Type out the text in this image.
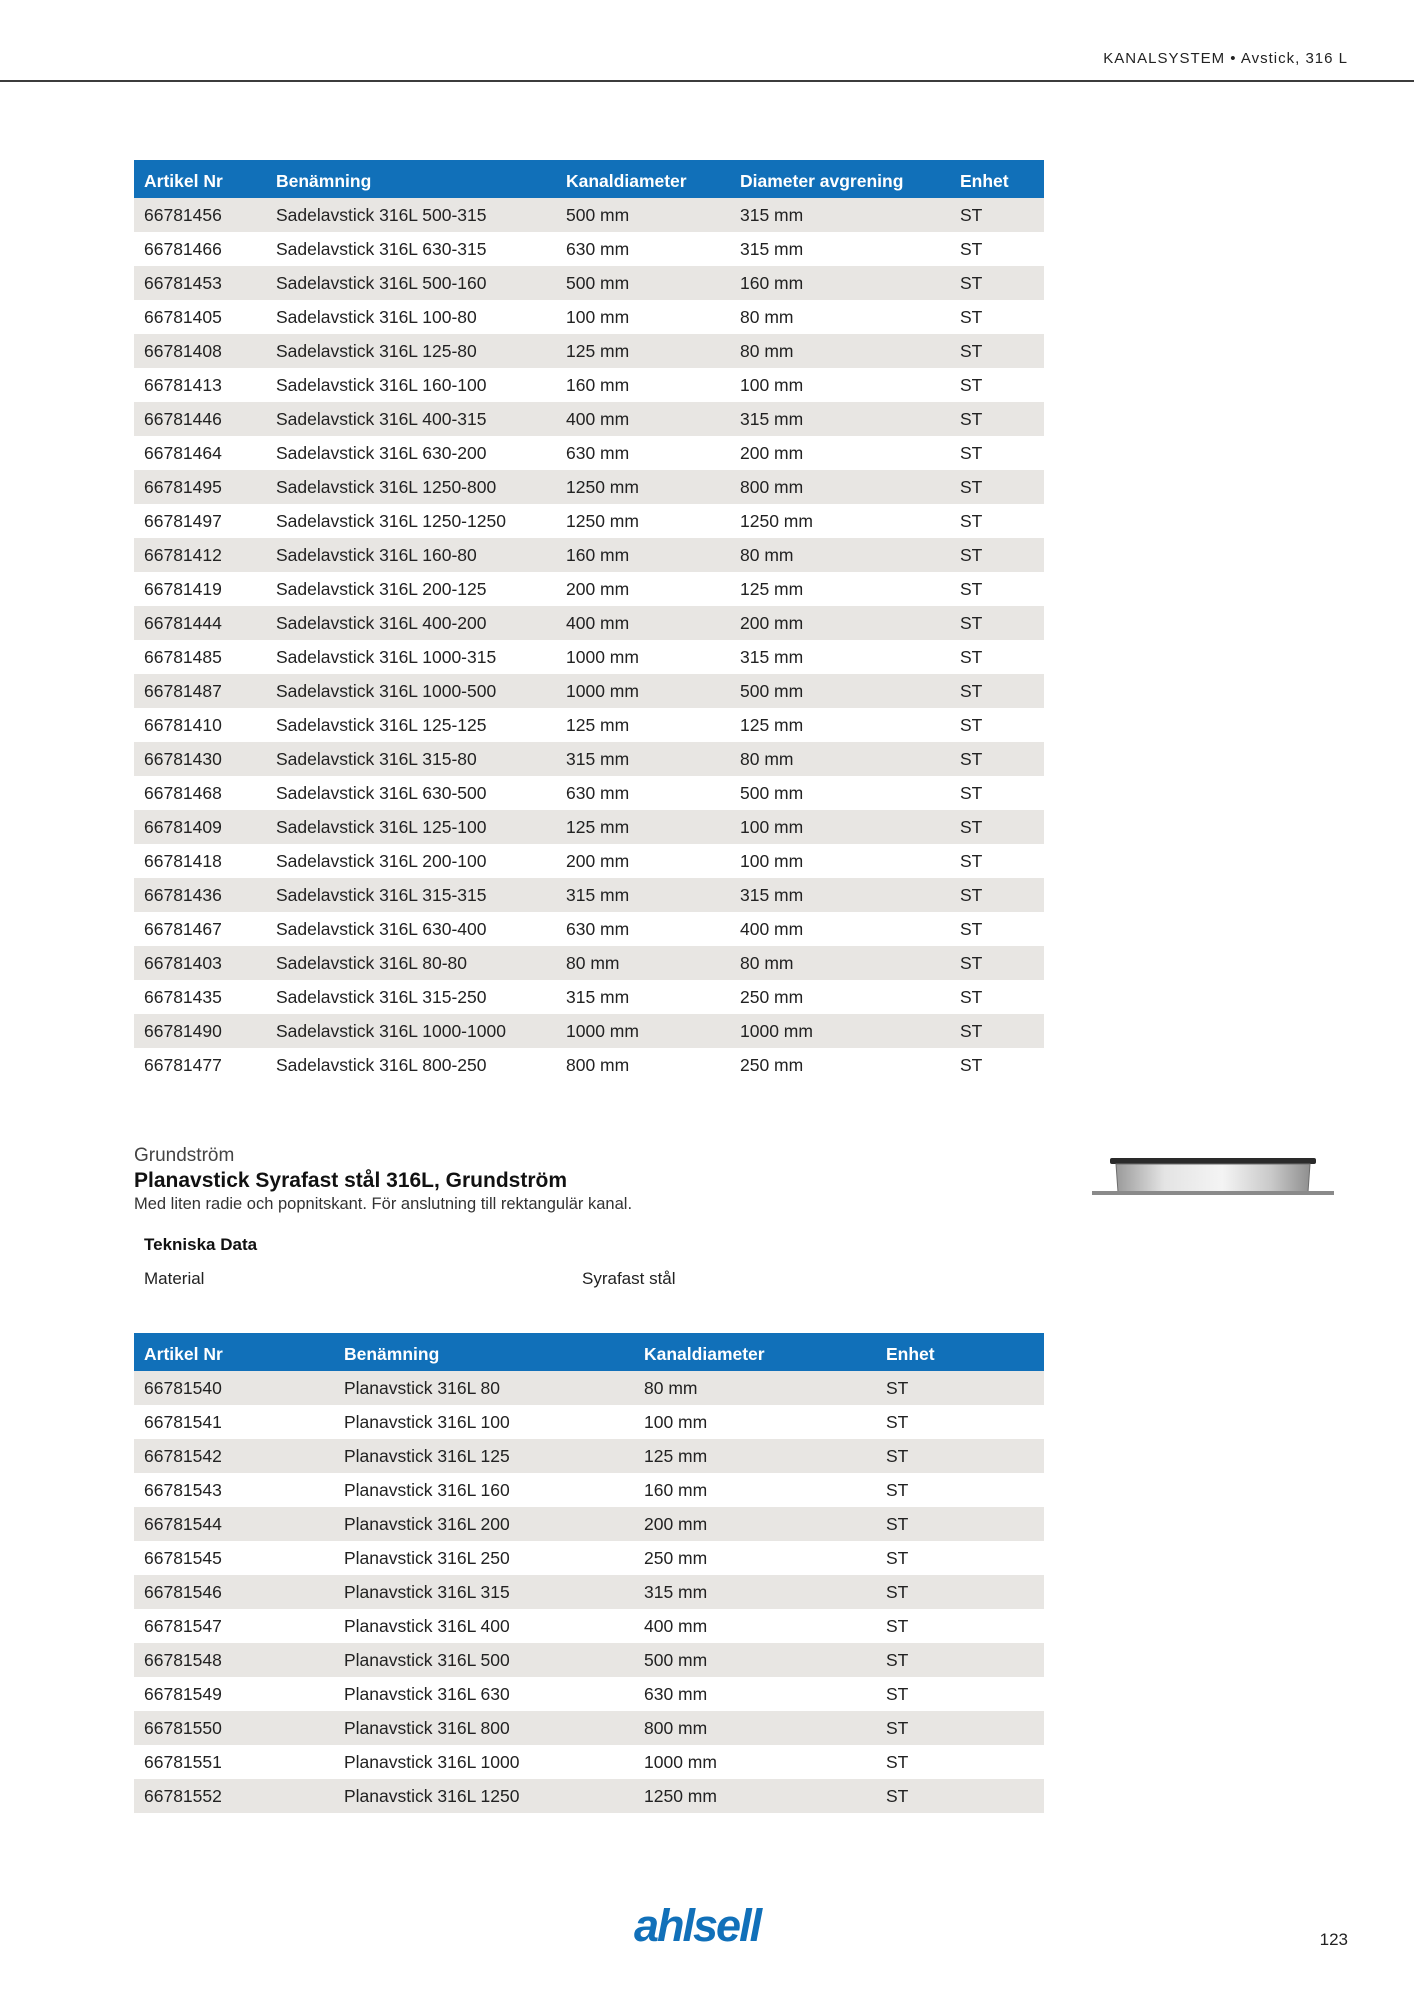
KANALSYSTEM • Avstick, 316 L
Artikel Nr	Benämning	Kanaldiameter	Diameter avgrening	Enhet
66781456	Sadelavstick 316L 500-315	500 mm	315 mm	ST
66781466	Sadelavstick 316L 630-315	630 mm	315 mm	ST
66781453	Sadelavstick 316L 500-160	500 mm	160 mm	ST
66781405	Sadelavstick 316L 100-80	100 mm	80 mm	ST
66781408	Sadelavstick 316L 125-80	125 mm	80 mm	ST
66781413	Sadelavstick 316L 160-100	160 mm	100 mm	ST
66781446	Sadelavstick 316L 400-315	400 mm	315 mm	ST
66781464	Sadelavstick 316L 630-200	630 mm	200 mm	ST
66781495	Sadelavstick 316L 1250-800	1250 mm	800 mm	ST
66781497	Sadelavstick 316L 1250-1250	1250 mm	1250 mm	ST
66781412	Sadelavstick 316L 160-80	160 mm	80 mm	ST
66781419	Sadelavstick 316L 200-125	200 mm	125 mm	ST
66781444	Sadelavstick 316L 400-200	400 mm	200 mm	ST
66781485	Sadelavstick 316L 1000-315	1000 mm	315 mm	ST
66781487	Sadelavstick 316L 1000-500	1000 mm	500 mm	ST
66781410	Sadelavstick 316L 125-125	125 mm	125 mm	ST
66781430	Sadelavstick 316L 315-80	315 mm	80 mm	ST
66781468	Sadelavstick 316L 630-500	630 mm	500 mm	ST
66781409	Sadelavstick 316L 125-100	125 mm	100 mm	ST
66781418	Sadelavstick 316L 200-100	200 mm	100 mm	ST
66781436	Sadelavstick 316L 315-315	315 mm	315 mm	ST
66781467	Sadelavstick 316L 630-400	630 mm	400 mm	ST
66781403	Sadelavstick 316L 80-80	80 mm	80 mm	ST
66781435	Sadelavstick 316L 315-250	315 mm	250 mm	ST
66781490	Sadelavstick 316L 1000-1000	1000 mm	1000 mm	ST
66781477	Sadelavstick 316L 800-250	800 mm	250 mm	ST

Grundström

Planavstick Syrafast stål 316L, Grundström

Med liten radie och popnitskant. För anslutning till rektangulär kanal.

Tekniska Data
Material	Syrafast stål
Artikel Nr	Benämning	Kanaldiameter	Enhet
66781540	Planavstick 316L 80	80 mm	ST
66781541	Planavstick 316L 100	100 mm	ST
66781542	Planavstick 316L 125	125 mm	ST
66781543	Planavstick 316L 160	160 mm	ST
66781544	Planavstick 316L 200	200 mm	ST
66781545	Planavstick 316L 250	250 mm	ST
66781546	Planavstick 316L 315	315 mm	ST
66781547	Planavstick 316L 400	400 mm	ST
66781548	Planavstick 316L 500	500 mm	ST
66781549	Planavstick 316L 630	630 mm	ST
66781550	Planavstick 316L 800	800 mm	ST
66781551	Planavstick 316L 1000	1000 mm	ST
66781552	Planavstick 316L 1250	1250 mm	ST
ahlsell	123
